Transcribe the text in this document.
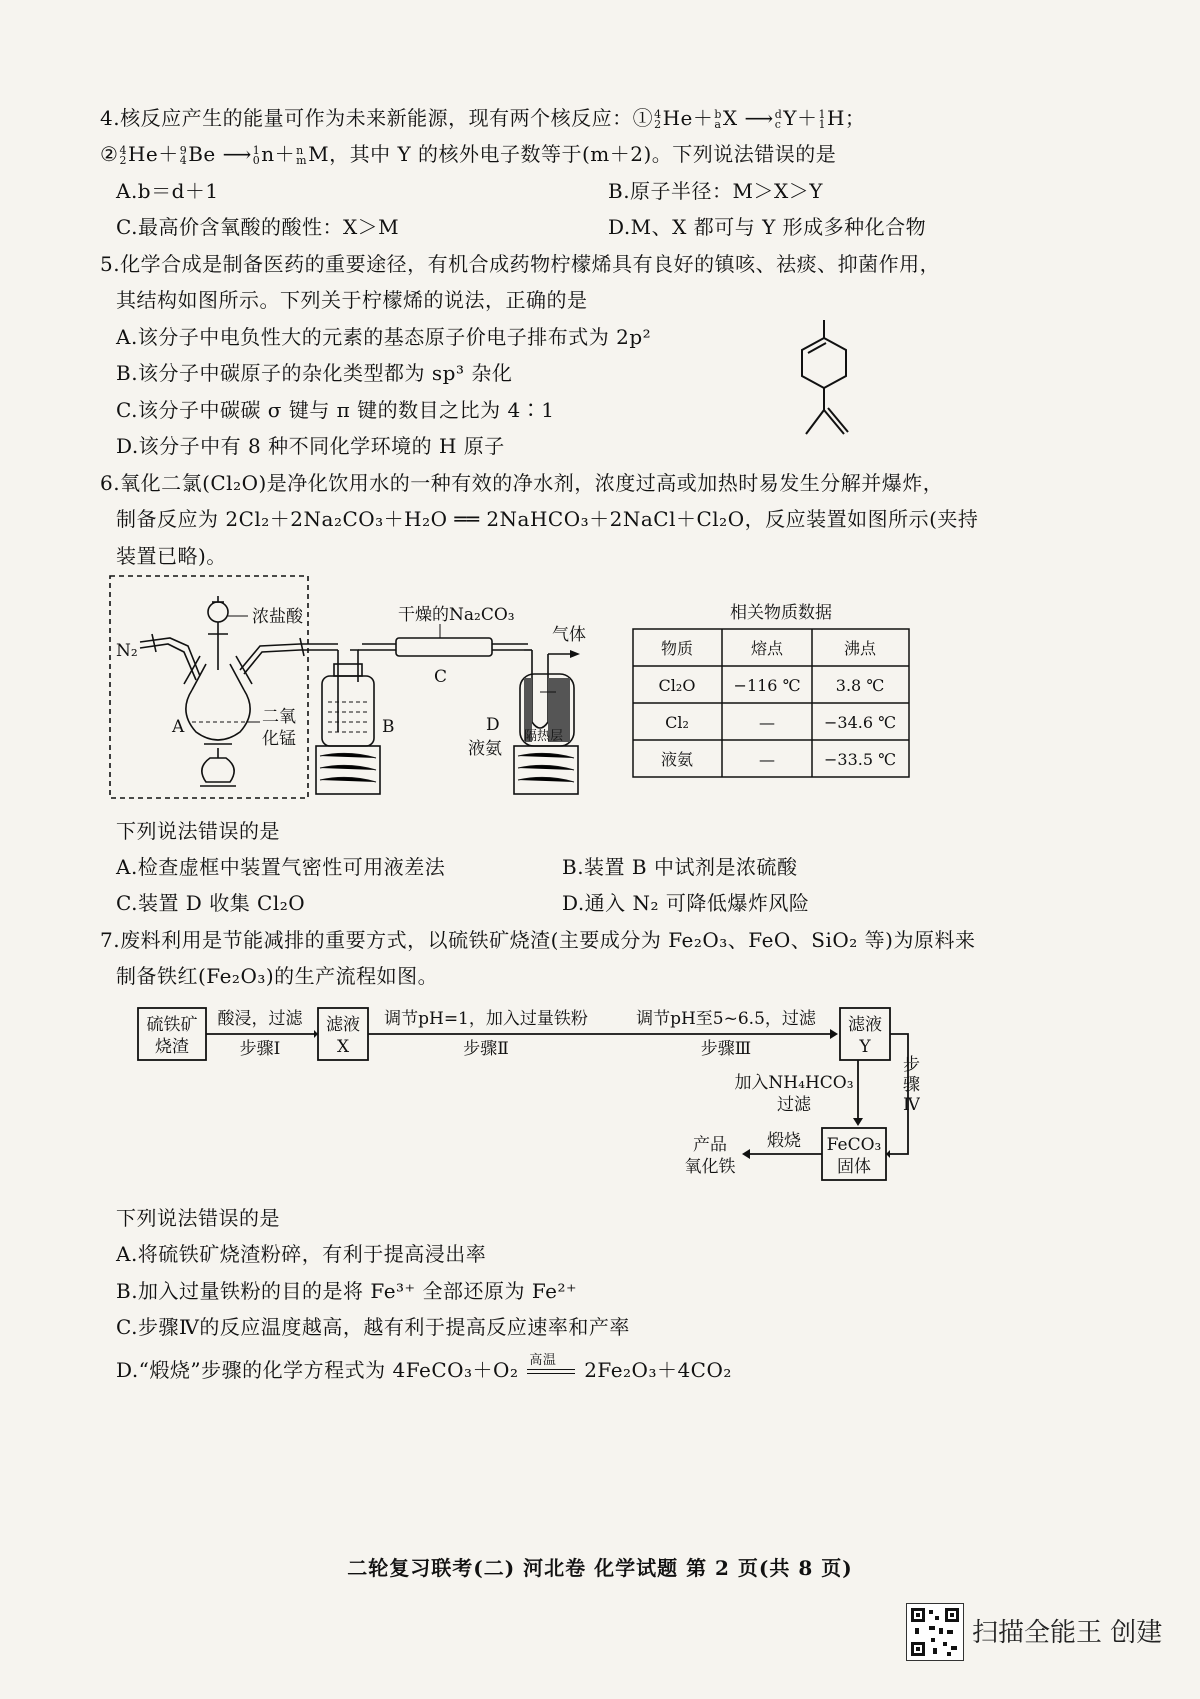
4.核反应产生的能量可作为未来新能源，现有两个核反应：① 4
2 He＋ b
a X ⟶ d
c Y＋ 1
1 H；
② 4
2 He＋ 9
4 Be ⟶ 1
0 n＋ n
m M，其中 Y 的核外电子数等于(m＋2)。下列说法错误的是
A.b＝d＋1	B.原子半径：M＞X＞Y
C.最高价含氧酸的酸性：X＞M	D.M、X 都可与 Y 形成多种化合物
5.化学合成是制备医药的重要途径，有机合成药物柠檬烯具有良好的镇咳、祛痰、抑菌作用，
其结构如图所示。下列关于柠檬烯的说法，正确的是
A.该分子中电负性大的元素的基态原子价电子排布式为 2p²
B.该分子中碳原子的杂化类型都为 sp³ 杂化
C.该分子中碳碳 σ 键与 π 键的数目之比为 4∶1
D.该分子中有 8 种不同化学环境的 H 原子
6.氧化二氯(Cl₂O)是净化饮用水的一种有效的净水剂，浓度过高或加热时易发生分解并爆炸，
制备反应为 2Cl₂＋2Na₂CO₃＋H₂O ══ 2NaHCO₃＋2NaCl＋Cl₂O，反应装置如图所示(夹持
装置已略)。
浓盐酸
N₂
A	二氧
化锰
B
干燥的Na₂CO₃
C
气体
D
液氨
隔热层
相关物质数据
物质	熔点	沸点
Cl₂O −116 ℃ 3.8 ℃
Cl₂	—	−34.6 ℃
液氨	—	−33.5 ℃
下列说法错误的是
A.检查虚框中装置气密性可用液差法	B.装置 B 中试剂是浓硫酸
C.装置 D 收集 Cl₂O	D.通入 N₂ 可降低爆炸风险
7.废料利用是节能减排的重要方式，以硫铁矿烧渣(主要成分为 Fe₂O₃、FeO、SiO₂ 等)为原料来
制备铁红(Fe₂O₃)的生产流程如图。
硫铁矿
烧渣
酸浸，过滤
步骤Ⅰ
滤液
X
调节pH=1，加入过量铁粉
步骤Ⅱ
调节pH至5~6.5，过滤
步骤Ⅲ
滤液
Y
加入NH₄HCO₃
过滤
步
骤
Ⅳ
FeCO₃
固体
煅烧
产品
氧化铁
下列说法错误的是
A.将硫铁矿烧渣粉碎，有利于提高浸出率
B.加入过量铁粉的目的是将 Fe³⁺ 全部还原为 Fe²⁺
C.步骤Ⅳ的反应温度越高，越有利于提高反应速率和产率
D.“煅烧”步骤的化学方程式为 4FeCO₃＋O₂ 高温 2Fe₂O₃＋4CO₂
二轮复习联考(二) 河北卷 化学试题 第 2 页(共 8 页)
扫描全能王 创建
